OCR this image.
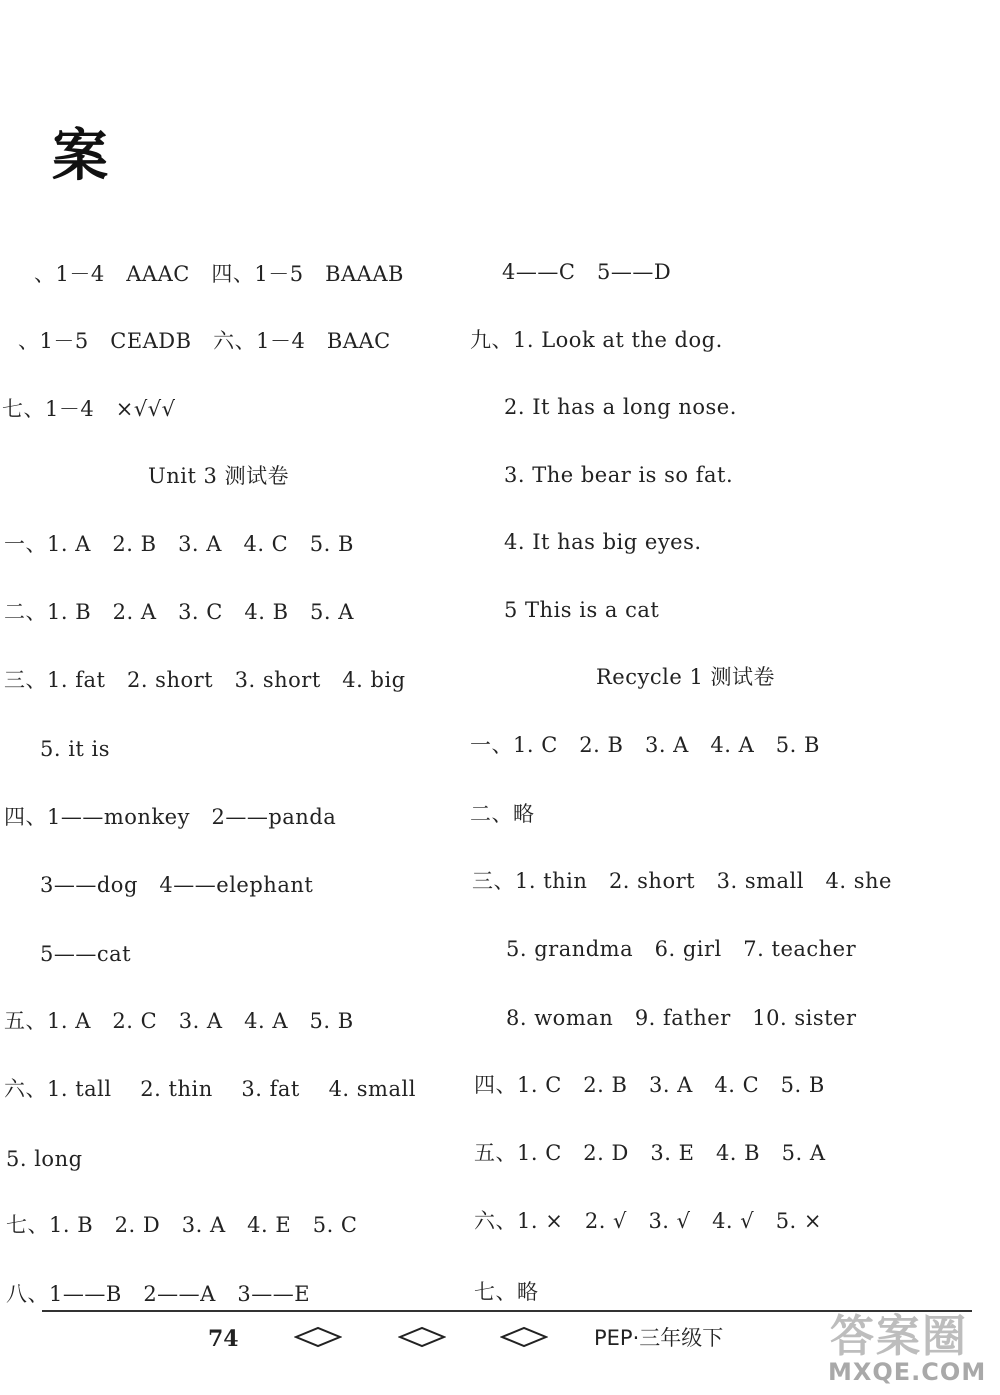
案
、1－4   AAAC   四、1－5   BAAAB
、1－5   CEADB   六、1－4   BAAC
七、1－4   ×√√√
Unit 3 测试卷
一、1. A   2. B   3. A   4. C   5. B
二、1. B   2. A   3. C   4. B   5. A
三、1. fat   2. short   3. short   4. big
5. it is
四、1——monkey   2——panda
3——dog   4——elephant
5——cat
五、1. A   2. C   3. A   4. A   5. B
六、1. tall    2. thin    3. fat    4. small
5. long
七、1. B   2. D   3. A   4. E   5. C
八、1——B   2——A   3——E
4——C   5——D
九、1. Look at the dog.
2. It has a long nose.
3. The bear is so fat.
4. It has big eyes.
5 This is a cat
Recycle 1 测试卷
一、1. C   2. B   3. A   4. A   5. B
二、略
三、1. thin   2. short   3. small   4. she
5. grandma   6. girl   7. teacher
8. woman   9. father   10. sister
四、1. C   2. B   3. A   4. C   5. B
五、1. C   2. D   3. E   4. B   5. A
六、1. ×   2. √   3. √   4. √   5. ×
七、略
74	PEP·三年级下 答案圈
MXQE.COM
